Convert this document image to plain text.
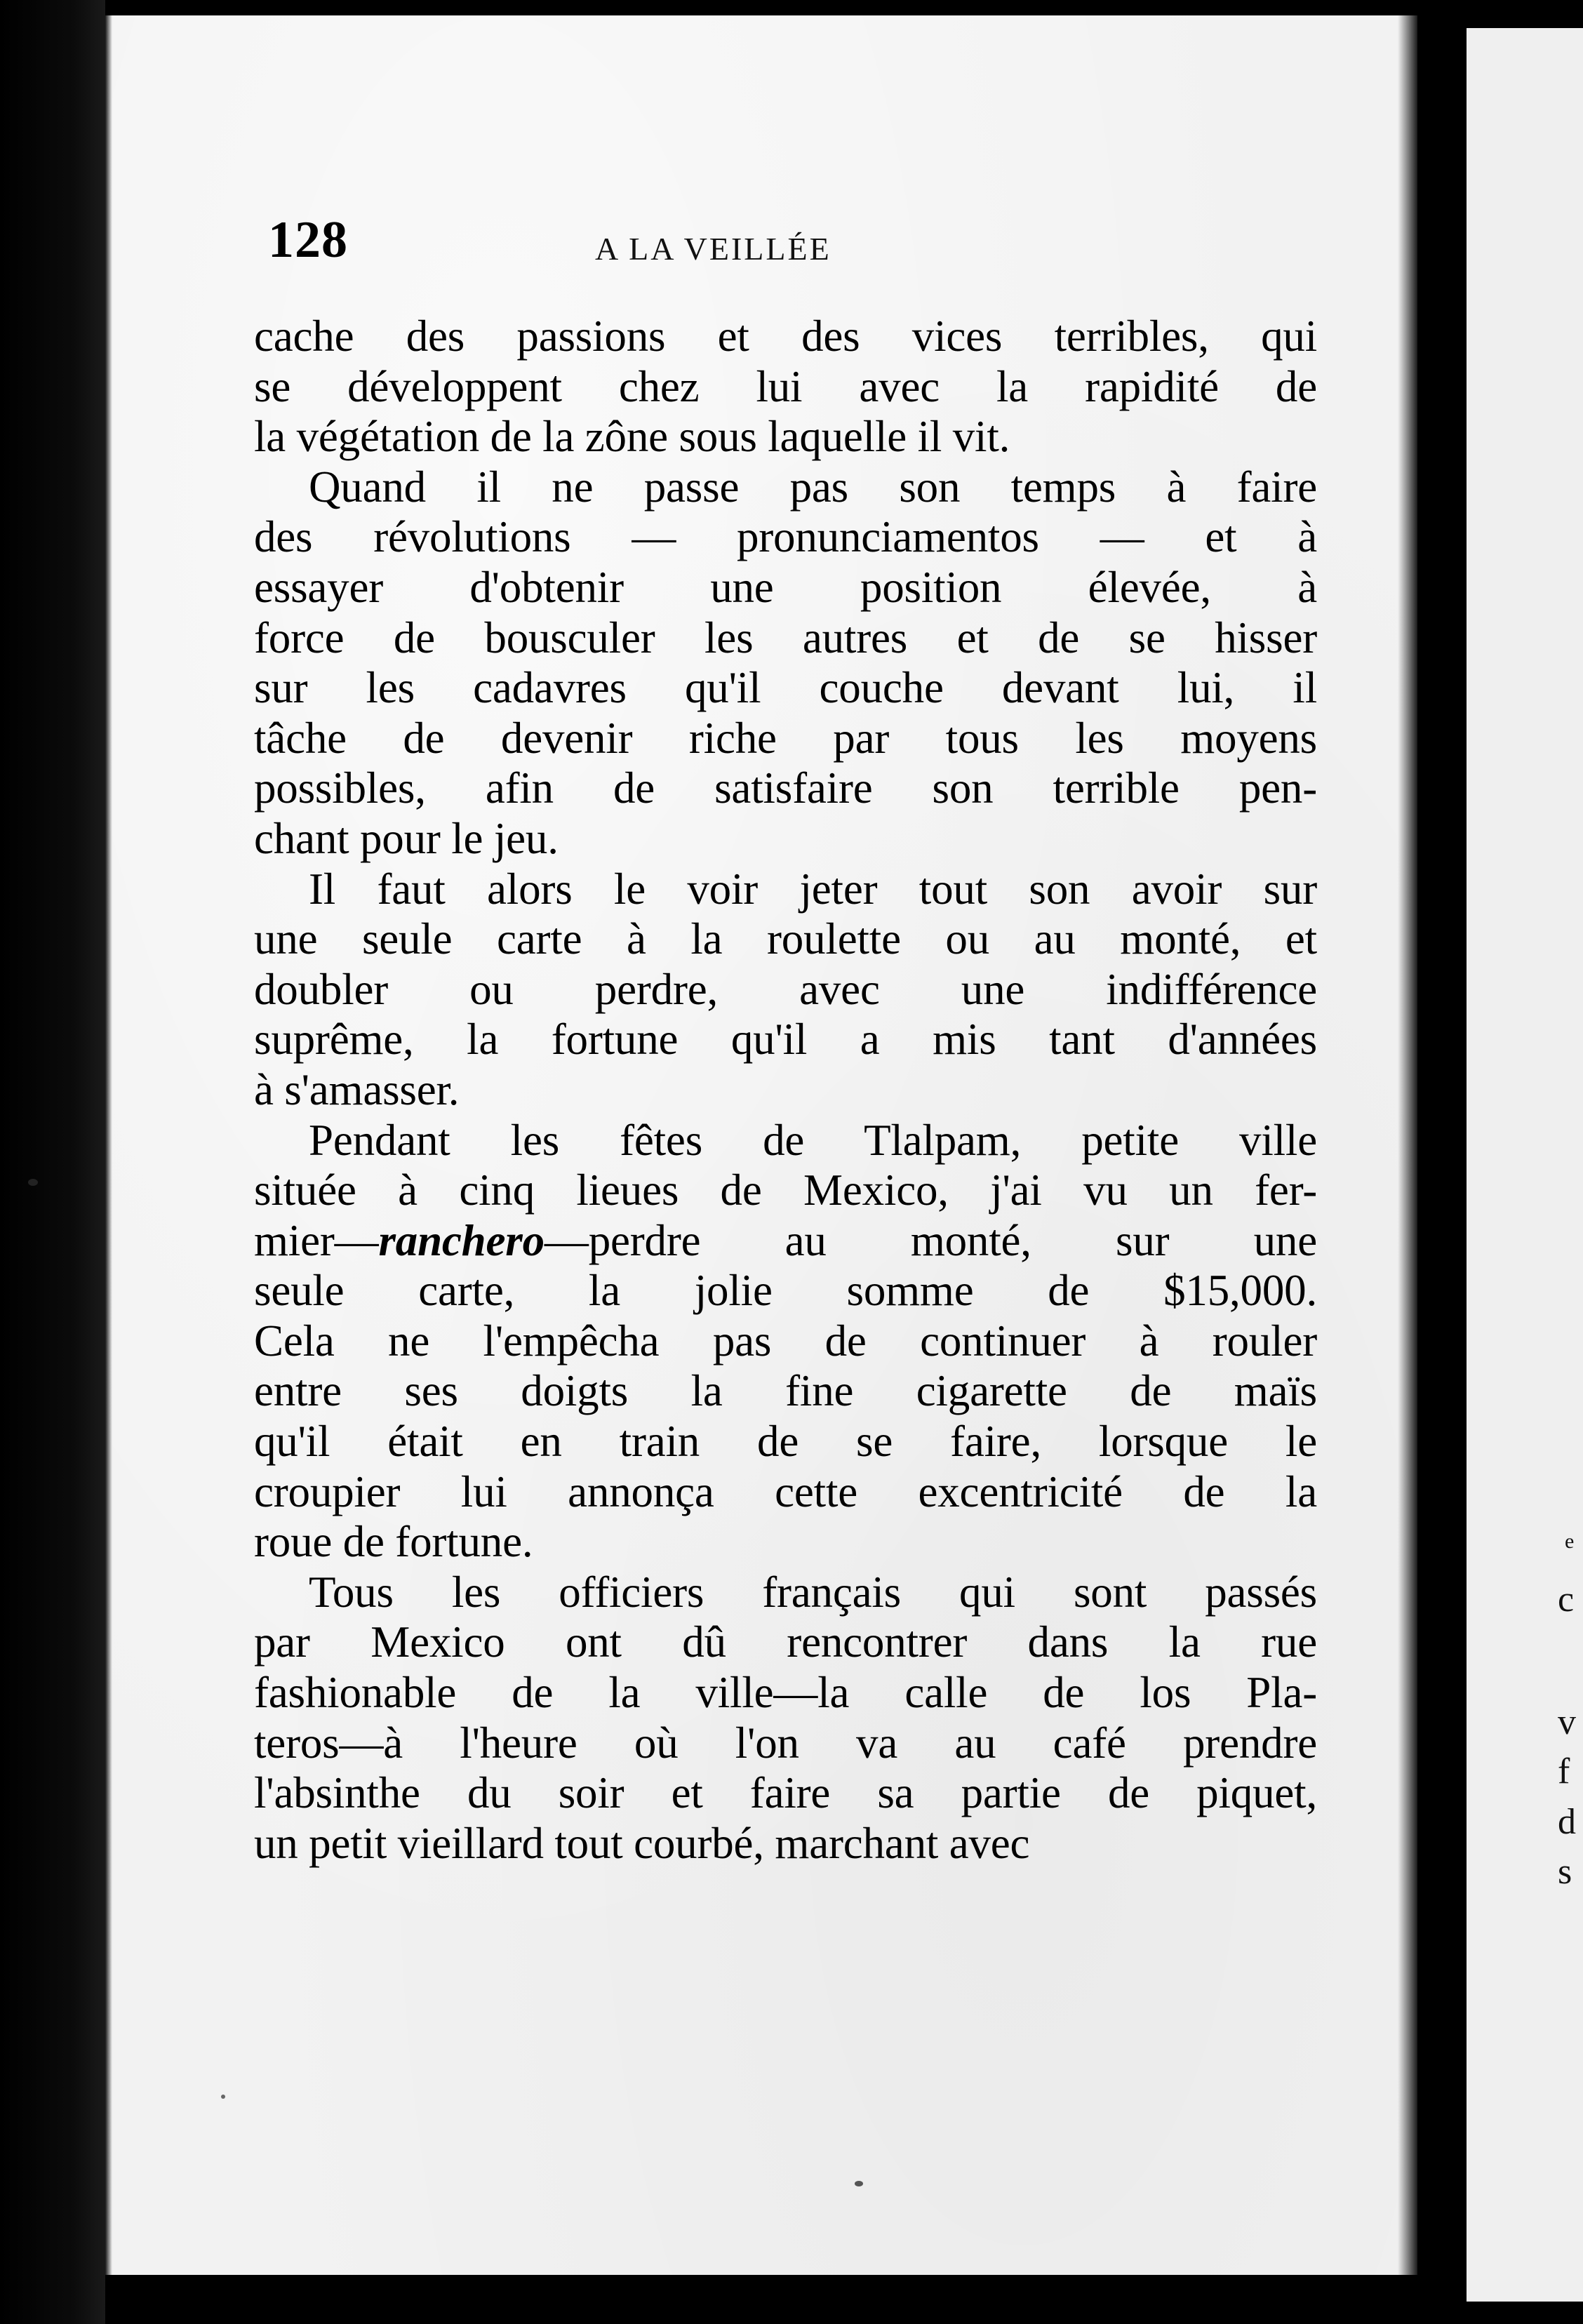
c
v
f
d
s
e
128	A LA VEILLÉE
cache des passions et des vices terribles, qui
se développent chez lui avec la rapidité de
la végétation de la zône sous laquelle il vit.
Quand il ne passe pas son temps à faire
des révolutions — pronunciamentos — et à
essayer d'obtenir une position élevée, à
force de bousculer les autres et de se hisser
sur les cadavres qu'il couche devant lui, il
tâche de devenir riche par tous les moyens
possibles, afin de satisfaire son terrible pen-
chant pour le jeu.
Il faut alors le voir jeter tout son avoir sur
une seule carte à la roulette ou au monté, et
doubler ou perdre, avec une indifférence
suprême, la fortune qu'il a mis tant d'années
à s'amasser.
Pendant les fêtes de Tlalpam, petite ville
située à cinq lieues de Mexico, j'ai vu un fer-
mier—ranchero—perdre au monté, sur une
seule carte, la jolie somme de $15,000.
Cela ne l'empêcha pas de continuer à rouler
entre ses doigts la fine cigarette de maïs
qu'il était en train de se faire, lorsque le
croupier lui annonça cette excentricité de la
roue de fortune.
Tous les officiers français qui sont passés
par Mexico ont dû rencontrer dans la rue
fashionable de la ville—la calle de los Pla-
teros—à l'heure où l'on va au café prendre
l'absinthe du soir et faire sa partie de piquet,
un petit vieillard tout courbé, marchant avec
